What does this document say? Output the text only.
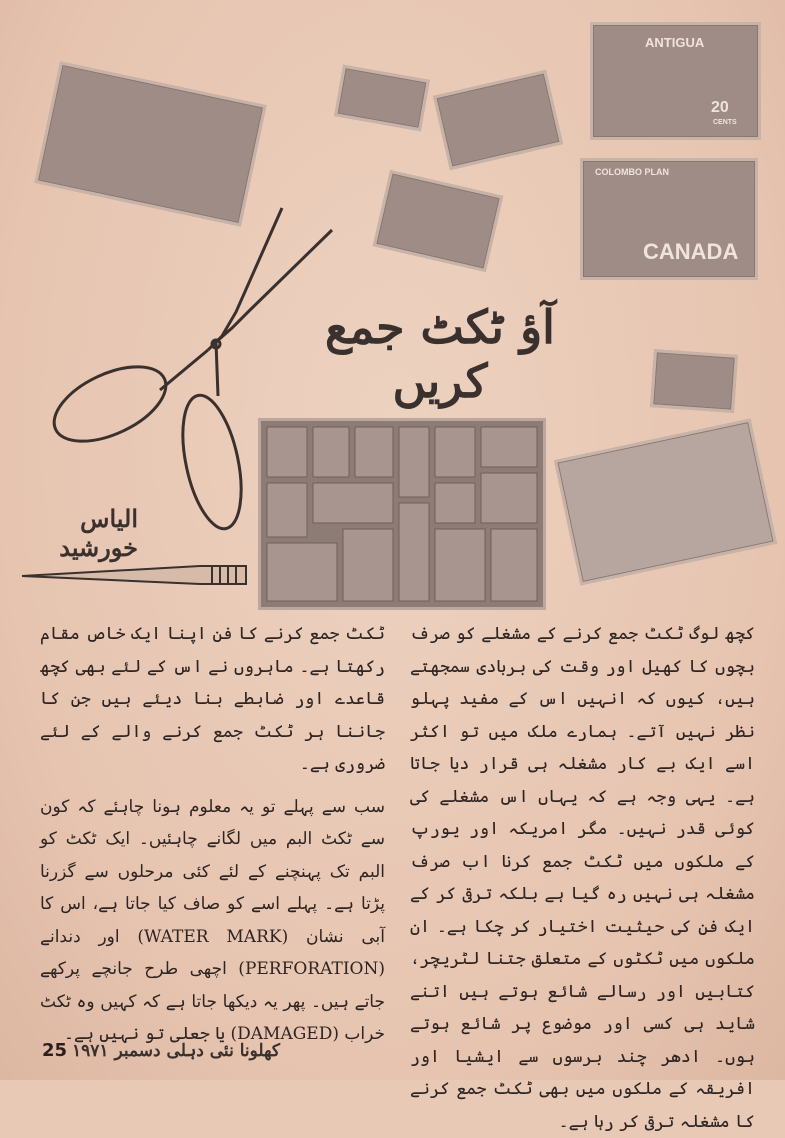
ANTIGUA
20
CENTS
COLOMBO PLAN
CANADA
آؤ ٹکٹ جمع کریں
الیاس خورشید

کچھ لوگ ٹکٹ جمع کرنے کے مشغلے کو صرف بچوں کا کھیل اور وقت کی بربادی سمجھتے ہیں، کیوں کہ انہیں اس کے مفید پہلو نظر نہیں آتے۔ ہمارے ملک میں تو اکثر اسے ایک بے کار مشغلہ ہی قرار دیا جاتا ہے۔ یہی وجہ ہے کہ یہاں اس مشغلے کی کوئی قدر نہیں۔ مگر امریکہ اور یورپ کے ملکوں میں ٹکٹ جمع کرنا اب صرف مشغلہ ہی نہیں رہ گیا ہے بلکہ ترقی کر کے ایک فن کی حیثیت اختیار کر چکا ہے۔ ان ملکوں میں ٹکٹوں کے متعلق جتنا لٹریچر، کتابیں اور رسالے شائع ہوتے ہیں اتنے شاید ہی کسی اور موضوع پر شائع ہوتے ہوں۔ ادھر چند برسوں سے ایشیا اور افریقہ کے ملکوں میں بھی ٹکٹ جمع کرنے کا مشغلہ ترقی کر رہا ہے۔

ٹکٹ جمع کرنے کا فن اپنا ایک خاص مقام رکھتا ہے۔ ماہروں نے اس کے لئے بھی کچھ قاعدے اور ضابطے بنا دیئے ہیں جن کا جاننا ہر ٹکٹ جمع کرنے والے کے لئے ضروری ہے۔

سب سے پہلے تو یہ معلوم ہونا چاہئے کہ کون سے ٹکٹ البم میں لگانے چاہئیں۔ ایک ٹکٹ کو البم تک پہنچنے کے لئے کئی مرحلوں سے گزرنا پڑتا ہے۔ پہلے اسے کو صاف کیا جاتا ہے، اس کا آبی نشان (WATER MARK) اور دندانے (PERFORATION) اچھی طرح جانچے پرکھے جاتے ہیں۔ پھر یہ دیکھا جاتا ہے کہ کہیں وہ ٹکٹ خراب (DAMAGED) یا جعلی تو نہیں ہے۔

25 کھلونا نئی دہلی دسمبر ۱۹۷۱
